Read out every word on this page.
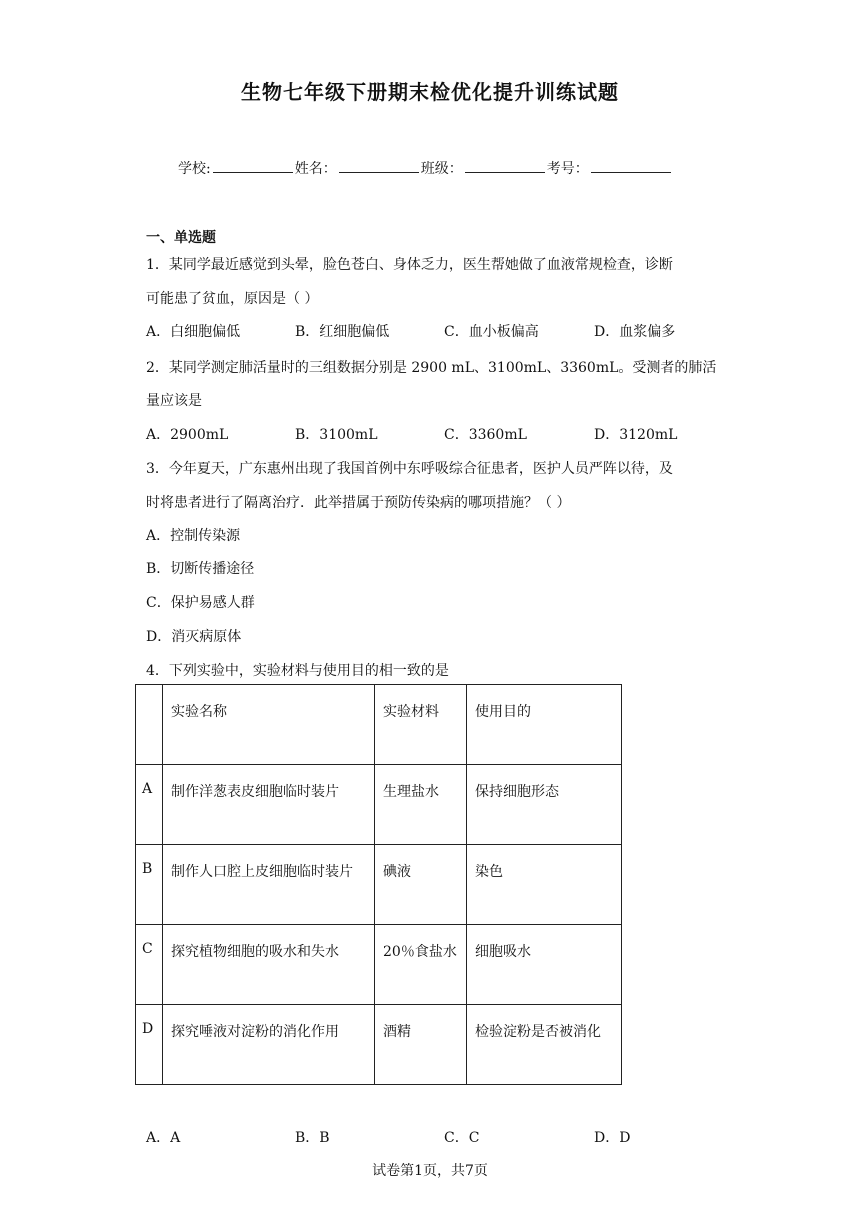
生物七年级下册期末检优化提升训练试题
学校:	姓名：	班级：	考号：
一、单选题
1．某同学最近感觉到头晕，脸色苍白、身体乏力，医生帮她做了血液常规检查，诊断
可能患了贫血，原因是（ ）
A．白细胞偏低	B．红细胞偏低	C．血小板偏高	D．血浆偏多
2．某同学测定肺活量时的三组数据分别是 2900 mL、3100mL、3360mL。受测者的肺活
量应该是
A．2900mL	B．3100mL	C．3360mL	D．3120mL
3．今年夏天，广东惠州出现了我国首例中东呼吸综合征患者，医护人员严阵以待，及
时将患者进行了隔离治疗．此举措属于预防传染病的哪项措施？（ ）
A．控制传染源
B．切断传播途径
C．保护易感人群
D．消灭病原体
4．下列实验中，实验材料与使用目的相一致的是
	实验名称	实验材料	使用目的
A	制作洋葱表皮细胞临时装片	生理盐水	保持细胞形态
B	制作人口腔上皮细胞临时装片	碘液	染色
C	探究植物细胞的吸水和失水	20％食盐水	细胞吸水
D	探究唾液对淀粉的消化作用	酒精	检验淀粉是否被消化
A．A	B．B	C．C	D．D
试卷第1页，共7页
